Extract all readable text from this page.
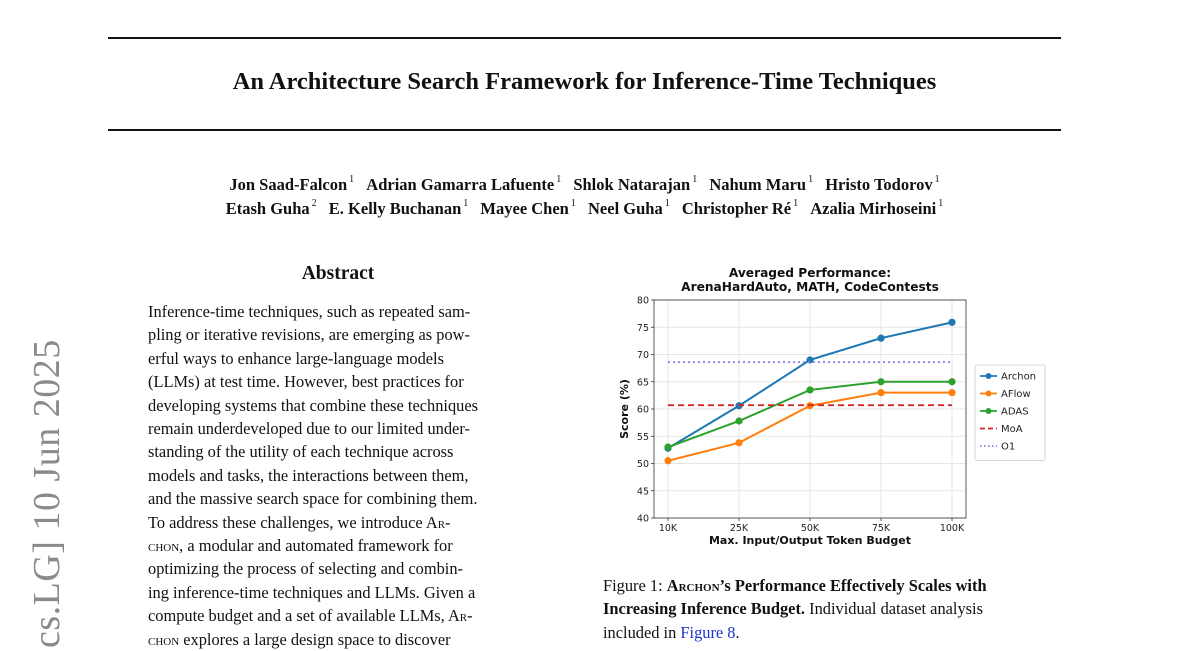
cs.LG] 10 Jun 2025
An Architecture Search Framework for Inference-Time Techniques
Jon Saad-Falcon $^1$ Adrian Gamarra Lafuente $^1$ Shlok Natarajan $^1$ Nahum Maru $^1$ Hristo Todorov $^1$
Etash Guha $^2$ E. Kelly Buchanan $^1$ Mayee Chen $^1$ Neel Guha $^1$ Christopher Ré $^1$ Azalia Mirhoseini $^1$
Abstract
Inference-time techniques, such as repeated sam-
pling or iterative revisions, are emerging as pow-
erful ways to enhance large-language models
(LLMs) at test time. However, best practices for
developing systems that combine these techniques
remain underdeveloped due to our limited under-
standing of the utility of each technique across
models and tasks, the interactions between them,
and the massive search space for combining them.
To address these challenges, we introduce Ar-
chon, a modular and automated framework for
optimizing the process of selecting and combin-
ing inference-time techniques and LLMs. Given a
compute budget and a set of available LLMs, Ar-
chon explores a large design space to discover
Averaged Performance:
ArenaHardAuto, MATH, CodeContests
40
45
50
55
60
65
70
75
80
10K	25K	50K	75K	100K
Max. Input/Output Token Budget
Score (%)
Archon
AFlow
ADAS
MoA
O1
Figure 1: Archon’s Performance Effectively Scales with
Increasing Inference Budget. Individual dataset analysis
included in Figure 8.
